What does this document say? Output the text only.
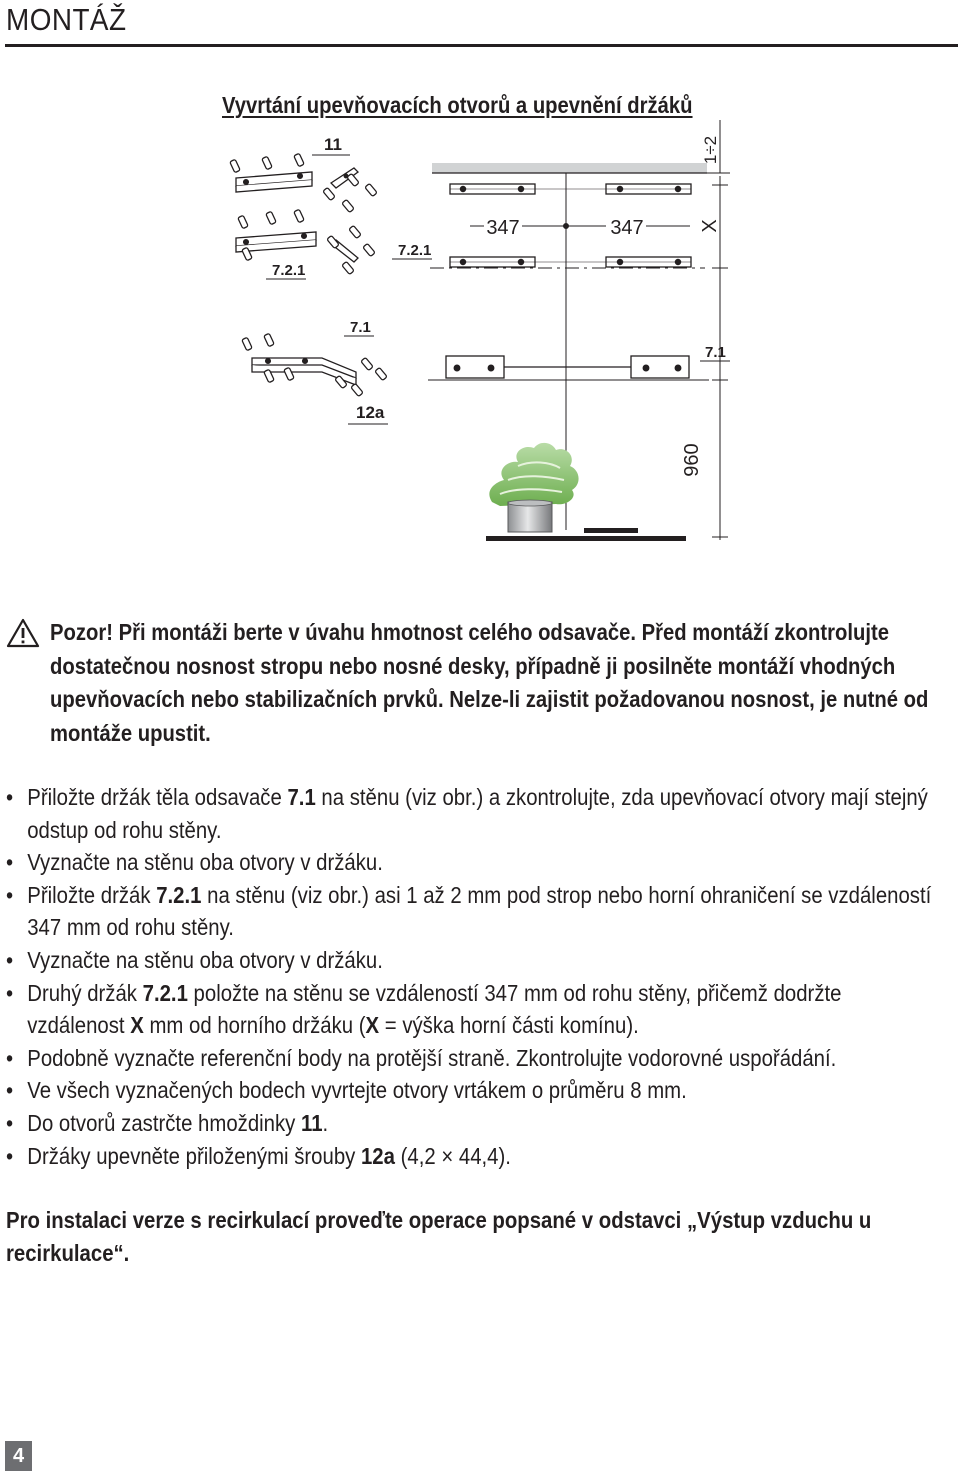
MONTÁŽ
Vyvrtání upevňovacích otvorů a upevnění držáků
347	347
1÷2
X
960
11
7.2.1
7.2.1
7.1
7.1
12a
Pozor! Při montáži berte v úvahu hmotnost celého odsavače. Před montáží zkontrolujte dostatečnou nosnost stropu nebo nosné desky, případně ji posilněte montáží vhodných upevňovacích nebo stabilizačních prvků. Nelze-li zajistit požadovanou nosnost, je nutné od montáže upustit.
• Přiložte držák těla odsavače 7.1 na stěnu (viz obr.) a zkontrolujte, zda upevňovací otvory mají stejný odstup od rohu stěny.
• Vyznačte na stěnu oba otvory v držáku.
• Přiložte držák 7.2.1 na stěnu (viz obr.) asi 1 až 2 mm pod strop nebo horní ohraničení se vzdáleností 347 mm od rohu stěny.
• Vyznačte na stěnu oba otvory v držáku.
• Druhý držák 7.2.1 položte na stěnu se vzdáleností 347 mm od rohu stěny, přičemž dodržte vzdálenost X mm od horního držáku (X = výška horní části komínu).
• Podobně vyznačte referenční body na protější straně. Zkontrolujte vodorovné uspořádání.
• Ve všech vyznačených bodech vyvrtejte otvory vrtákem o průměru 8 mm.
• Do otvorů zastrčte hmoždinky 11.
• Držáky upevněte přiloženými šrouby 12a (4,2 × 44,4).
Pro instalaci verze s recirkulací proveďte operace popsané v odstavci „Výstup vzduchu u recirkulace“.
4
